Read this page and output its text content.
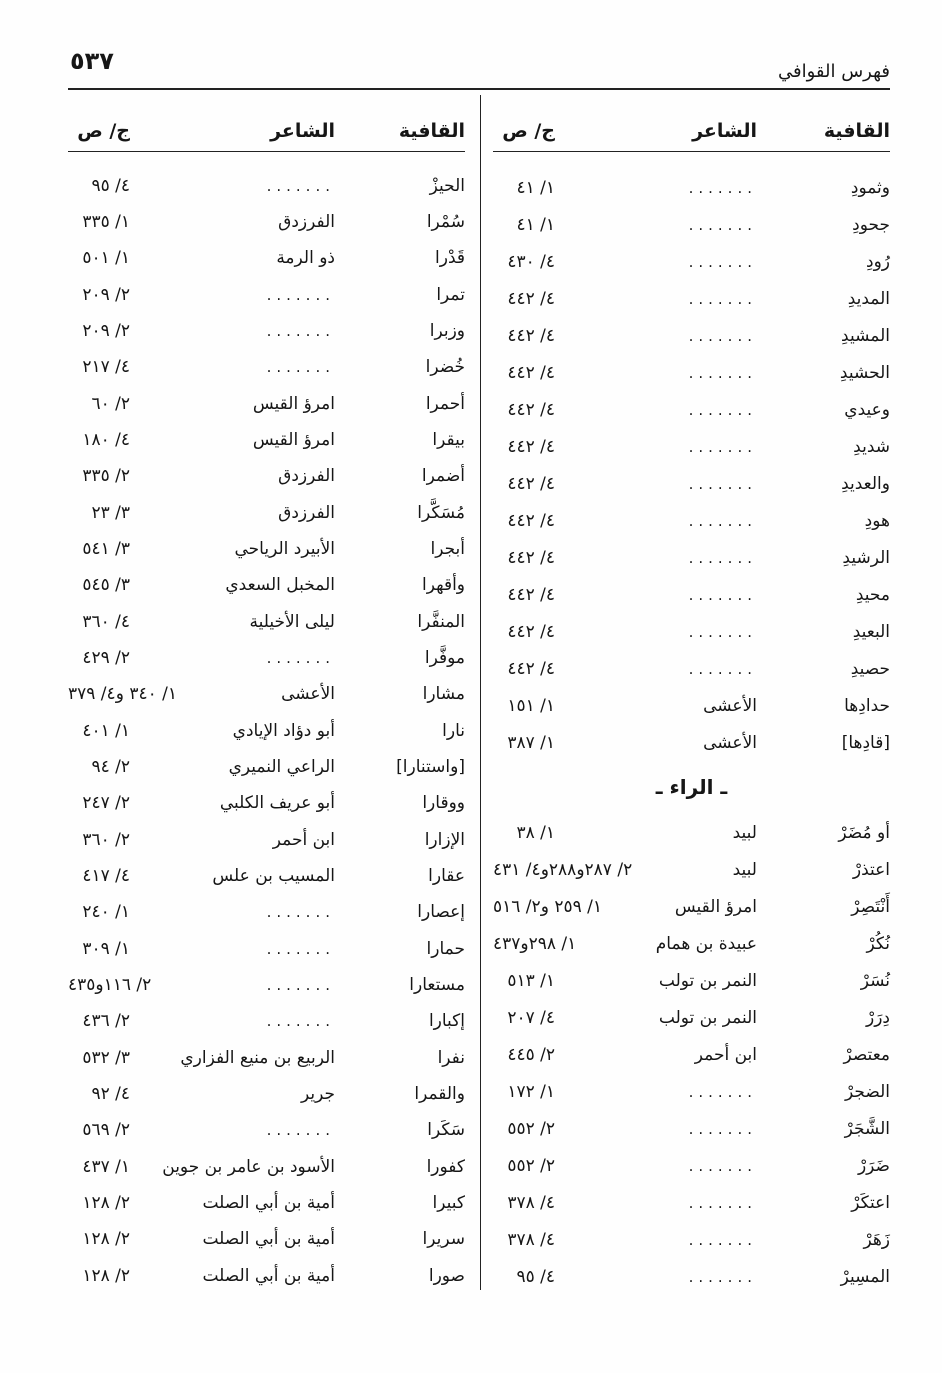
فهرس القوافي
٥٣٧
القافية
الشاعر
ج/ ص
وثمودِ
.......
١/ ٤١
جحودِ
.......
١/ ٤١
رُودِ
.......
٤/ ٤٣٠
المديدِ
.......
٤/ ٤٤٢
المشيدِ
.......
٤/ ٤٤٢
الحشيدِ
.......
٤/ ٤٤٢
وعيدي
.......
٤/ ٤٤٢
شديدِ
.......
٤/ ٤٤٢
والعديدِ
.......
٤/ ٤٤٢
هودِ
.......
٤/ ٤٤٢
الرشيدِ
.......
٤/ ٤٤٢
محيدِ
.......
٤/ ٤٤٢
البعيدِ
.......
٤/ ٤٤٢
حصيدِ
.......
٤/ ٤٤٢
حدادِها
الأعشى
١/ ١٥١
[قادِها]
الأعشى
١/ ٣٨٧
ـ الراء ـ
أو مُضَرْ
لبيد
١/ ٣٨
اعتذرْ
لبيد
٢/ ٢٨٧و٢٨٨و٤/ ٤٣١
أَنْتَصِرْ
امرؤ القيس
١/ ٢٥٩ و٢/ ٥١٦
نُكُرْ
عبيدة بن همام
١/ ٢٩٨و٤٣٧
نُسَرْ
النمر بن تولب
١/ ٥١٣
دِرَرْ
النمر بن تولب
٤/ ٢٠٧
معتصرْ
ابن أحمر
٢/ ٤٤٥
الضجرْ
.......
١/ ١٧٢
الشَّجَرْ
.......
٢/ ٥٥٢
ضَرَرْ
.......
٢/ ٥٥٢
اعتكَرْ
.......
٤/ ٣٧٨
زَهَرْ
.......
٤/ ٣٧٨
المسِيرْ
.......
٤/ ٩٥
القافية
الشاعر
ج/ ص
الحيزْ
.......
٤/ ٩٥
سُمْرا
الفرزدق
١/ ٣٣٥
قَدْرا
ذو الرمة
١/ ٥٠١
تمرا
.......
٢/ ٢٠٩
وزبرا
.......
٢/ ٢٠٩
خُضرا
.......
٤/ ٢١٧
أحمرا
امرؤ القيس
٢/ ٦٠
بيقرا
امرؤ القيس
٤/ ١٨٠
أضمرا
الفرزدق
٢/ ٣٣٥
مُسَكَّرا
الفرزدق
٣/ ٢٣
أبجرا
الأبيرد الرياحي
٣/ ٥٤١
وأقهرا
المخبل السعدي
٣/ ٥٤٥
المنفَّرا
ليلى الأخيلية
٤/ ٣٦٠
موفَّرا
.......
٢/ ٤٢٩
مشارا
الأعشى
١/ ٣٤٠ و٤/ ٣٧٩
نارا
أبو دؤاد الإيادي
١/ ٤٠١
[واستنارا]
الراعي النميري
٢/ ٩٤
ووقارا
أبو عريف الكلبي
٢/ ٢٤٧
الإزارا
ابن أحمر
٢/ ٣٦٠
عقارا
المسيب بن علس
٤/ ٤١٧
إعصارا
.......
١/ ٢٤٠
حمارا
.......
١/ ٣٠٩
مستعارا
.......
٢/ ١١٦و٤٣٥
إكبارا
.......
٢/ ٤٣٦
نفرا
الربيع بن منيع الفزاري
٣/ ٥٣٢
والقمرا
جرير
٤/ ٩٢
سَكَرا
.......
٢/ ٥٦٩
كفورا
الأسود بن عامر بن جوين
١/ ٤٣٧
كبيرا
أمية بن أبي الصلت
٢/ ١٢٨
سريرا
أمية بن أبي الصلت
٢/ ١٢٨
صورا
أمية بن أبي الصلت
٢/ ١٢٨
